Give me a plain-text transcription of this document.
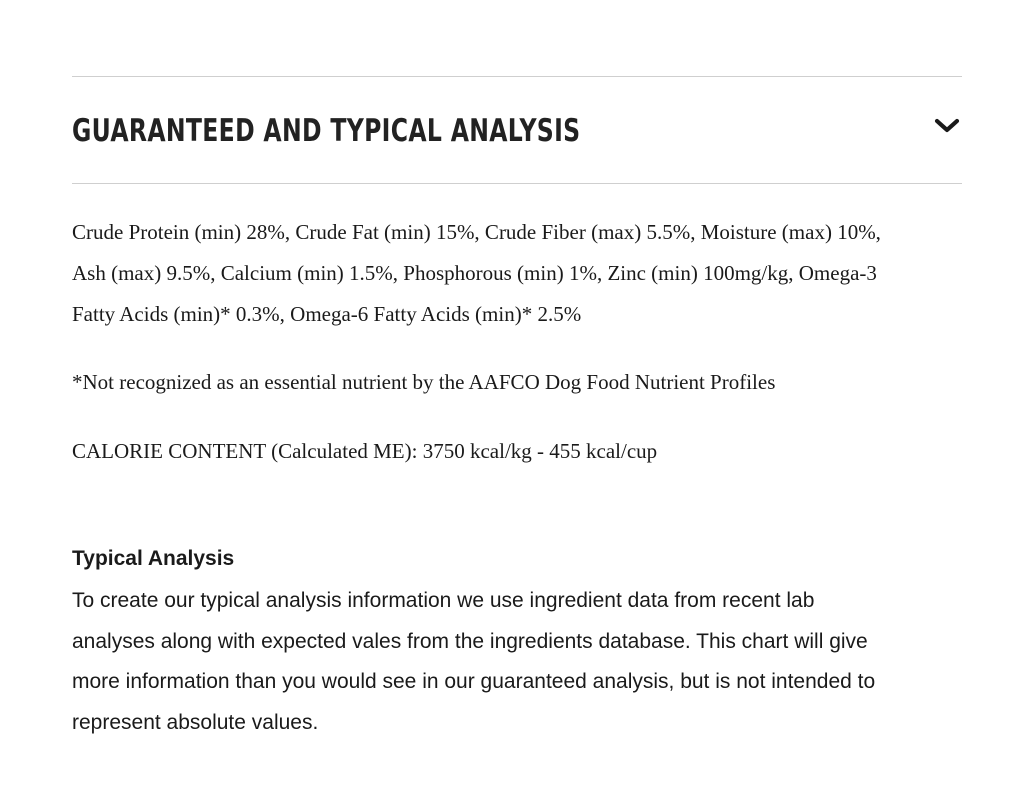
GUARANTEED AND TYPICAL ANALYSIS
Crude Protein (min) 28%, Crude Fat (min) 15%, Crude Fiber (max) 5.5%, Moisture (max) 10%,
Ash (max) 9.5%, Calcium (min) 1.5%, Phosphorous (min) 1%, Zinc (min) 100mg/kg, Omega-3
Fatty Acids (min)* 0.3%, Omega-6 Fatty Acids (min)* 2.5%

*Not recognized as an essential nutrient by the AAFCO Dog Food Nutrient Profiles

CALORIE CONTENT (Calculated ME): 3750 kcal/kg - 455 kcal/cup

Typical Analysis

To create our typical analysis information we use ingredient data from recent lab
analyses along with expected vales from the ingredients database. This chart will give
more information than you would see in our guaranteed analysis, but is not intended to
represent absolute values.
